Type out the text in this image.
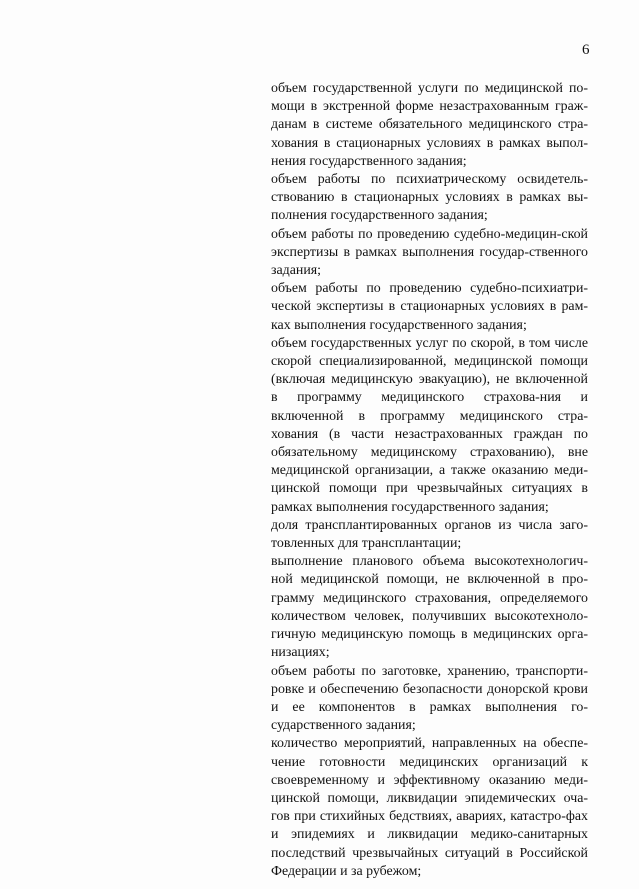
6

объем государственной услуги по медицинской по-мощи в экстренной форме незастрахованным граж-данам в системе обязательного медицинского стра-хования в стационарных условиях в рамках выпол-нения государственного задания;

объем работы по психиатрическому освидетель-ствованию в стационарных условиях в рамках вы-полнения государственного задания;

объем работы по проведению судебно-медицин-ской экспертизы в рамках выполнения государ-ственного задания;

объем работы по проведению судебно-психиатри-ческой экспертизы в стационарных условиях в рам-ках выполнения государственного задания;

объем государственных услуг по скорой, в том числе скорой специализированной, медицинской помощи (включая медицинскую эвакуацию), не включенной в программу медицинского страхова-ния и включенной в программу медицинского стра-хования (в части незастрахованных граждан по обязательному медицинскому страхованию), вне медицинской организации, а также оказанию меди-цинской помощи при чрезвычайных ситуациях в рамках выполнения государственного задания;

доля трансплантированных органов из числа заго-товленных для трансплантации;

выполнение планового объема высокотехнологич-ной медицинской помощи, не включенной в про-грамму медицинского страхования, определяемого количеством человек, получивших высокотехноло-гичную медицинскую помощь в медицинских орга-низациях;

объем работы по заготовке, хранению, транспорти-ровке и обеспечению безопасности донорской крови и ее компонентов в рамках выполнения го-сударственного задания;

количество мероприятий, направленных на обеспе-чение готовности медицинских организаций к своевременному и эффективному оказанию меди-цинской помощи, ликвидации эпидемических оча-гов при стихийных бедствиях, авариях, катастро-фах и эпидемиях и ликвидации медико-санитарных последствий чрезвычайных ситуаций в Российской Федерации и за рубежом;
